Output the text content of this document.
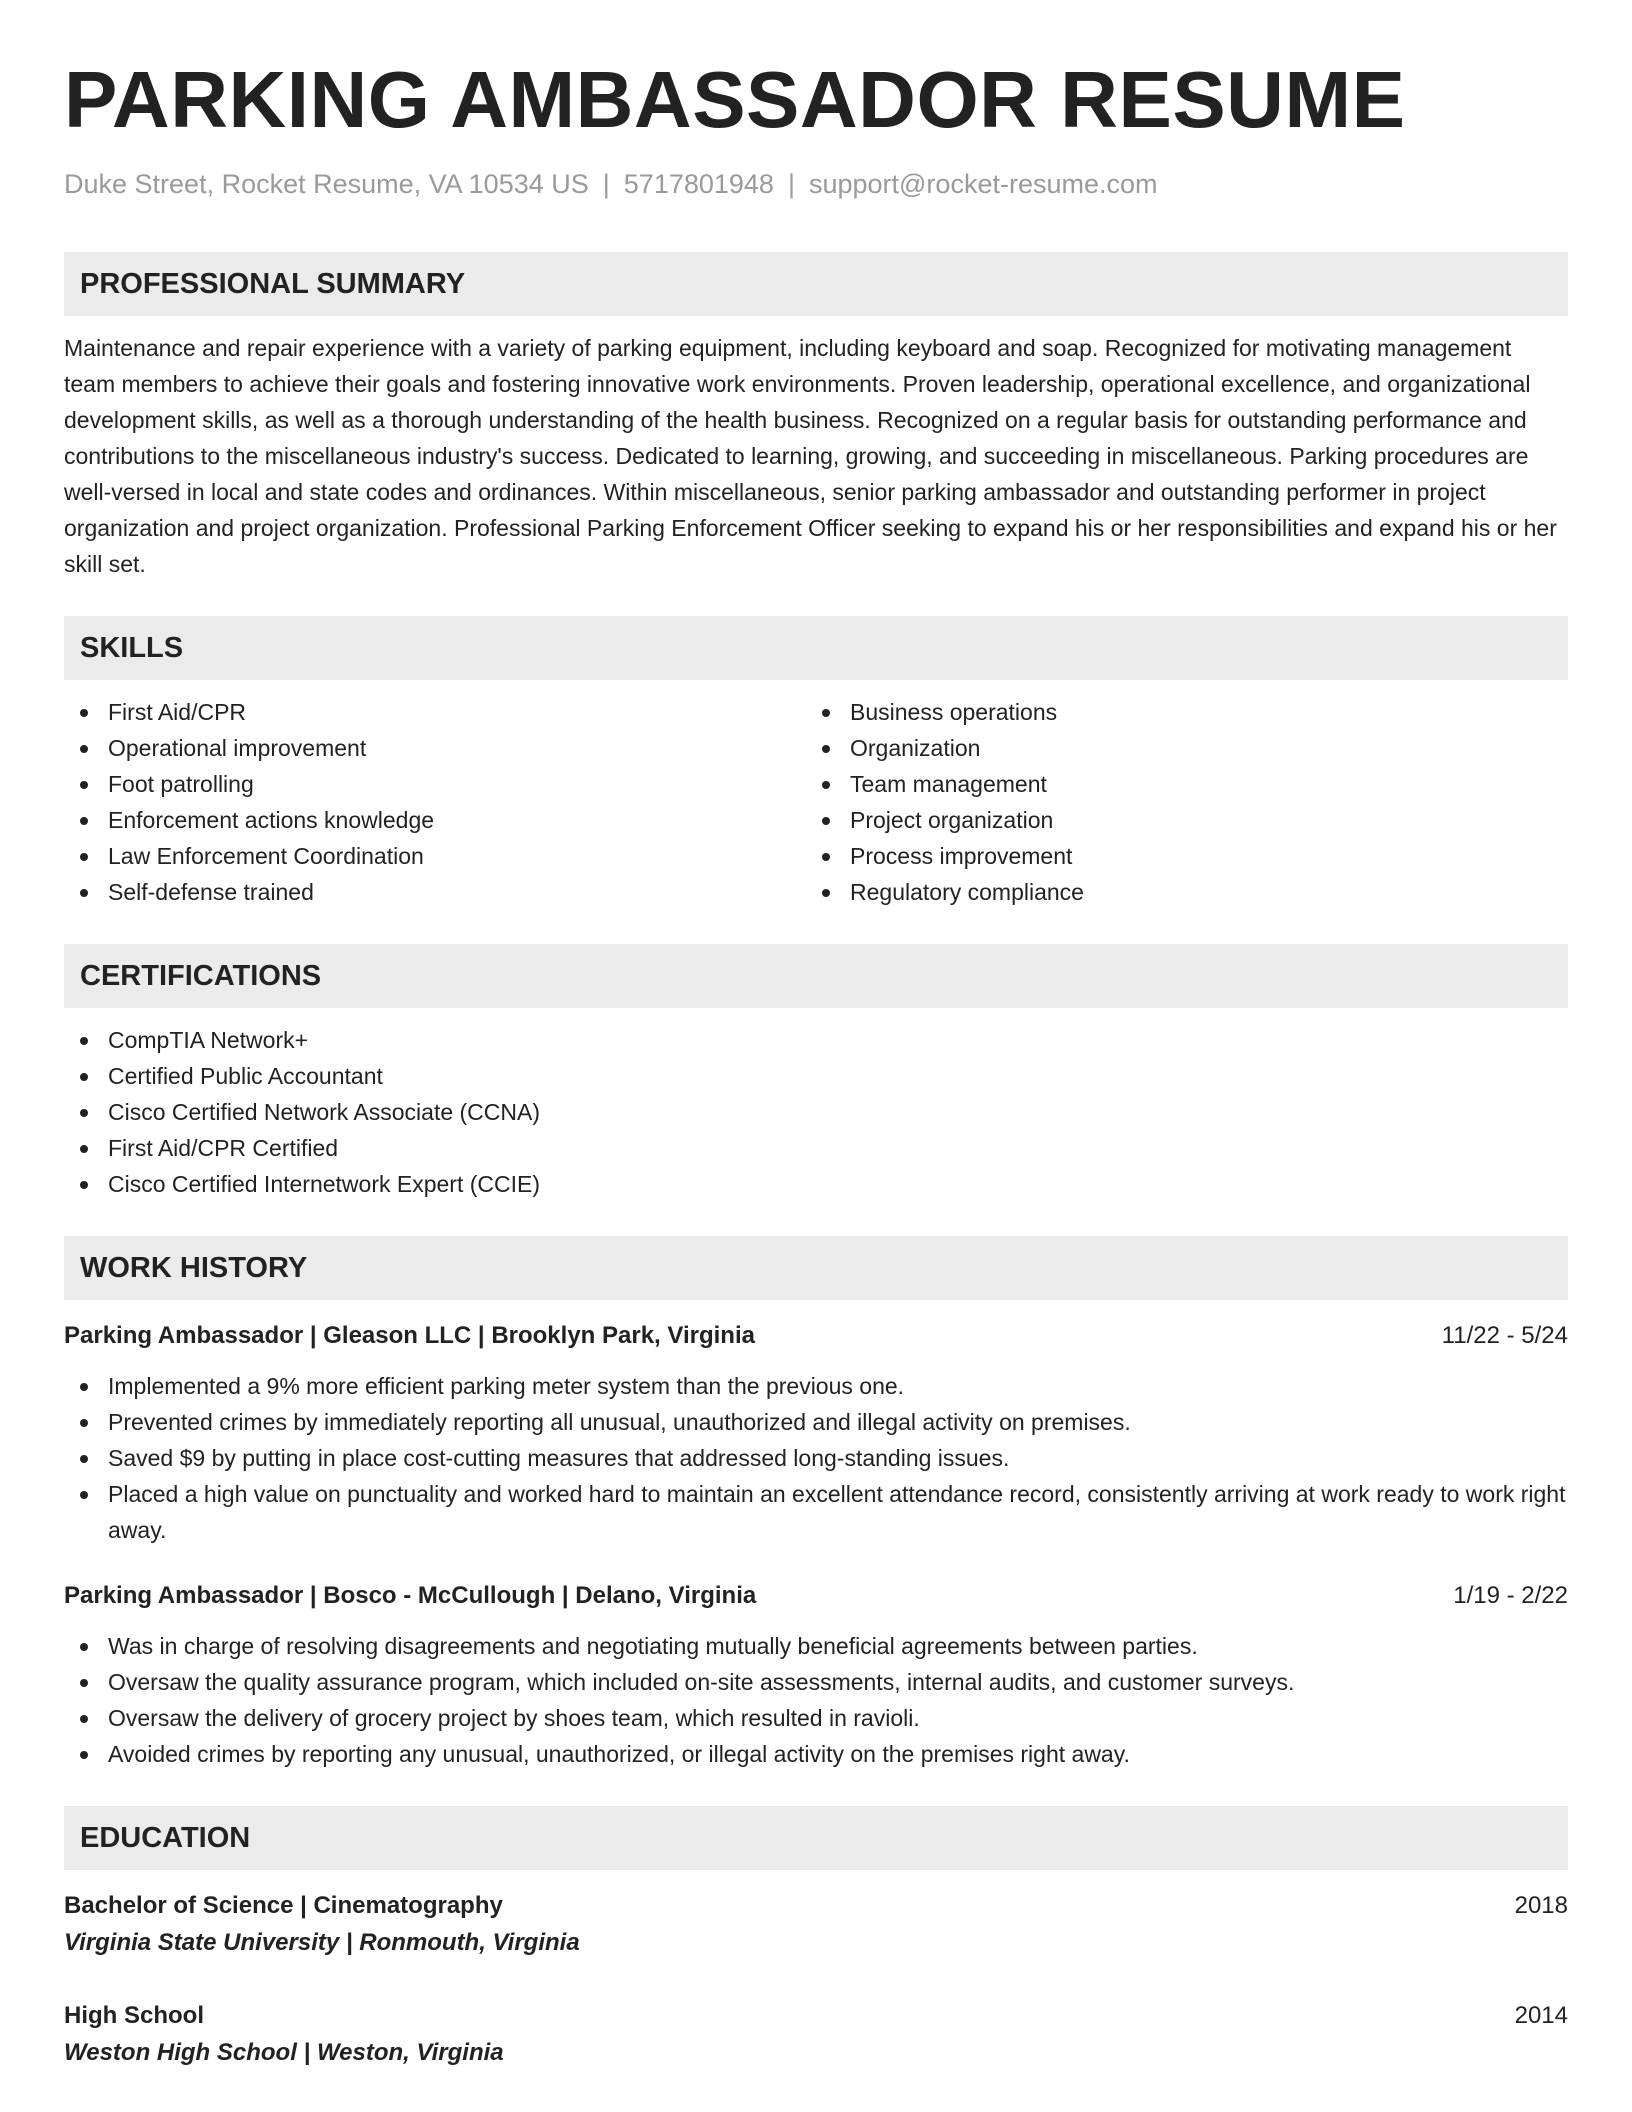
PARKING AMBASSADOR RESUME
Duke Street, Rocket Resume, VA 10534 US | 5717801948 | support@rocket-resume.com
PROFESSIONAL SUMMARY
Maintenance and repair experience with a variety of parking equipment, including keyboard and soap. Recognized for motivating management team members to achieve their goals and fostering innovative work environments. Proven leadership, operational excellence, and organizational development skills, as well as a thorough understanding of the health business. Recognized on a regular basis for outstanding performance and contributions to the miscellaneous industry's success. Dedicated to learning, growing, and succeeding in miscellaneous. Parking procedures are well-versed in local and state codes and ordinances. Within miscellaneous, senior parking ambassador and outstanding performer in project organization and project organization. Professional Parking Enforcement Officer seeking to expand his or her responsibilities and expand his or her skill set.
SKILLS
First Aid/CPR
Operational improvement
Foot patrolling
Enforcement actions knowledge
Law Enforcement Coordination
Self-defense trained
Business operations
Organization
Team management
Project organization
Process improvement
Regulatory compliance
CERTIFICATIONS
CompTIA Network+
Certified Public Accountant
Cisco Certified Network Associate (CCNA)
First Aid/CPR Certified
Cisco Certified Internetwork Expert (CCIE)
WORK HISTORY
Parking Ambassador | Gleason LLC | Brooklyn Park, Virginia	11/22 - 5/24
Implemented a 9% more efficient parking meter system than the previous one.
Prevented crimes by immediately reporting all unusual, unauthorized and illegal activity on premises.
Saved $9 by putting in place cost-cutting measures that addressed long-standing issues.
Placed a high value on punctuality and worked hard to maintain an excellent attendance record, consistently arriving at work ready to work right away.
Parking Ambassador | Bosco - McCullough | Delano, Virginia	1/19 - 2/22
Was in charge of resolving disagreements and negotiating mutually beneficial agreements between parties.
Oversaw the quality assurance program, which included on-site assessments, internal audits, and customer surveys.
Oversaw the delivery of grocery project by shoes team, which resulted in ravioli.
Avoided crimes by reporting any unusual, unauthorized, or illegal activity on the premises right away.
EDUCATION
Bachelor of Science | Cinematography	2018
Virginia State University | Ronmouth, Virginia
High School	2014
Weston High School | Weston, Virginia
